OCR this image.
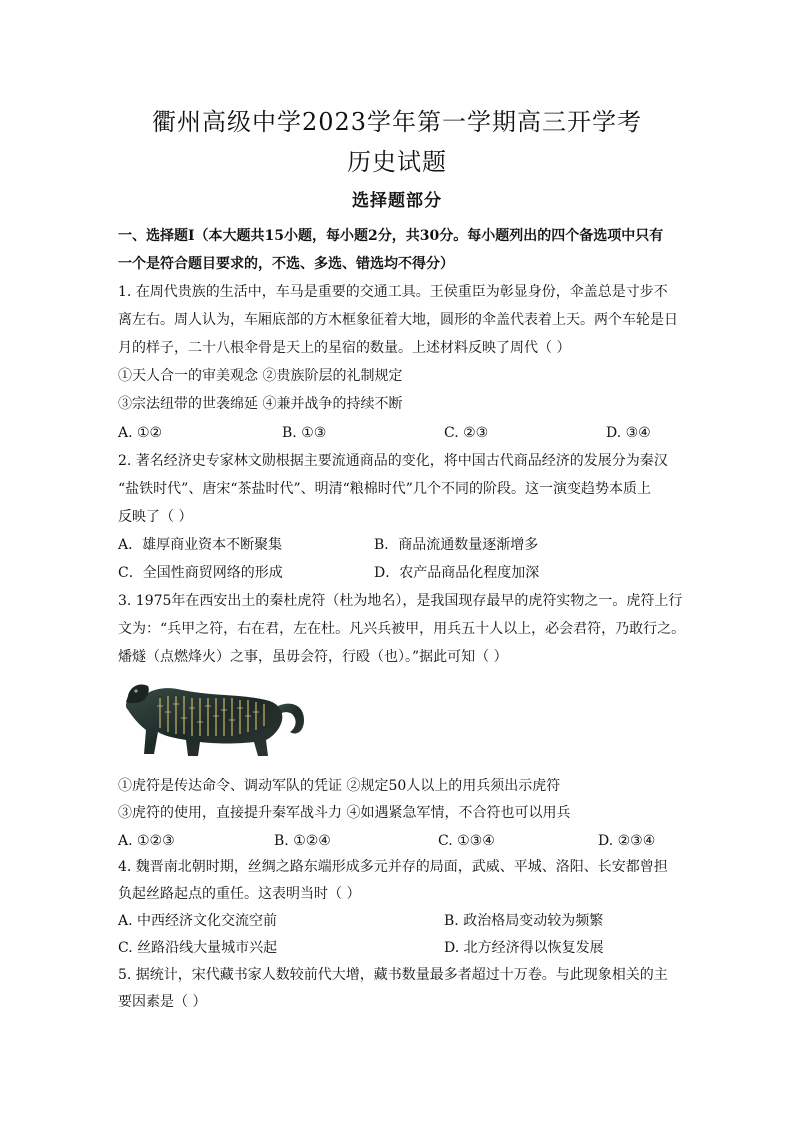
衢州高级中学2023学年第一学期高三开学考
历史试题
选择题部分
一、选择题Ⅰ（本大题共15小题，每小题2分，共30分。每小题列出的四个备选项中只有
一个是符合题目要求的，不选、多选、错选均不得分）
1. 在周代贵族的生活中，车马是重要的交通工具。王侯重臣为彰显身份，伞盖总是寸步不
离左右。周人认为，车厢底部的方木框象征着大地，圆形的伞盖代表着上天。两个车轮是日
月的样子，二十八根伞骨是天上的星宿的数量。上述材料反映了周代（ ）
①天人合一的审美观念 ②贵族阶层的礼制规定
③宗法纽带的世袭绵延 ④兼并战争的持续不断
A. ①②	B. ①③	C. ②③	D. ③④
2. 著名经济史专家林文勋根据主要流通商品的变化，将中国古代商品经济的发展分为秦汉
“盐铁时代”、唐宋“茶盐时代”、明清“粮棉时代”几个不同的阶段。这一演变趋势本质上
反映了（ ）
A．雄厚商业资本不断聚集	B．商品流通数量逐渐增多
C．全国性商贸网络的形成	D．农产品商品化程度加深
3. 1975年在西安出土的秦杜虎符（杜为地名），是我国现存最早的虎符实物之一。虎符上行
文为：“兵甲之符，右在君，左在杜。凡兴兵被甲，用兵五十人以上，必会君符，乃敢行之。
燔燧（点燃烽火）之事，虽毋会符，行殴（也）。”据此可知（ ）
①虎符是传达命令、调动军队的凭证 ②规定50人以上的用兵须出示虎符
③虎符的使用，直接提升秦军战斗力 ④如遇紧急军情，不合符也可以用兵
A. ①②③	B. ①②④	C. ①③④	D. ②③④
4. 魏晋南北朝时期，丝绸之路东端形成多元并存的局面，武威、平城、洛阳、长安都曾担
负起丝路起点的重任。这表明当时（ ）
A. 中西经济文化交流空前	B. 政治格局变动较为频繁
C. 丝路沿线大量城市兴起	D. 北方经济得以恢复发展
5. 据统计，宋代藏书家人数较前代大增，藏书数量最多者超过十万卷。与此现象相关的主
要因素是（ ）
